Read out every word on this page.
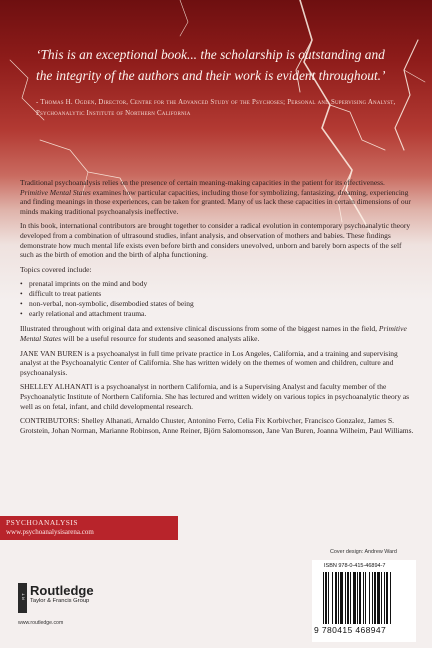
‘This is an exceptional book... the scholarship is outstanding and the integrity of the authors and their work is evident throughout.’
- Thomas H. Ogden, Director, Centre for the Advanced Study of the Psychoses; Personal and Supervising Analyst, Psychoanalytic Institute of Northern California

Traditional psychoanalysis relies on the presence of certain meaning-making capacities in the patient for its effectiveness. Primitive Mental States examines how particular capacities, including those for symbolizing, fantasizing, dreaming, experiencing and finding meanings in those experiences, can be taken for granted. Many of us lack these capacities in certain dimensions of our minds making traditional psychoanalysis ineffective.

In this book, international contributors are brought together to consider a radical evolution in contemporary psychoanalytic theory developed from a combination of ultrasound studies, infant analysis, and observation of mothers and babies. These findings demonstrate how much mental life exists even before birth and considers unevolved, unborn and barely born aspects of the self such as the birth of emotion and the birth of alpha functioning.

Topics covered include:

• prenatal imprints on the mind and body
• difficult to treat patients
• non-verbal, non-symbolic, disembodied states of being
• early relational and attachment trauma.

Illustrated throughout with original data and extensive clinical discussions from some of the biggest names in the field, Primitive Mental States will be a useful resource for students and seasoned analysts alike.

JANE VAN BUREN is a psychoanalyst in full time private practice in Los Angeles, California, and a training and supervising analyst at the Psychoanalytic Center of California. She has written widely on the themes of women and children, culture and psychoanalysis.

SHELLEY ALHANATI is a psychoanalyst in northern California, and is a Supervising Analyst and faculty member of the Psychoanalytic Institute of Northern California. She has lectured and written widely on various topics in psychoanalytic theory as well as on fetal, infant, and child developmental research.

CONTRIBUTORS: Shelley Alhanati, Arnaldo Chuster, Antonino Ferro, Celia Fix Korbivcher, Francisco Gonzalez, James S. Grotstein, Johan Norman, Marianne Robinson, Anne Reiner, Björn Salomonsson, Jane Van Buren, Joanna Wilheim, Paul Williams.

PSYCHOANALYSIS
www.psychoanalysisarena.com
Cover design: Andrew Ward
ISBN 978-0-415-46894-7
9 780415 468947
R T Routledge
Taylor & Francis Group
www.routledge.com
